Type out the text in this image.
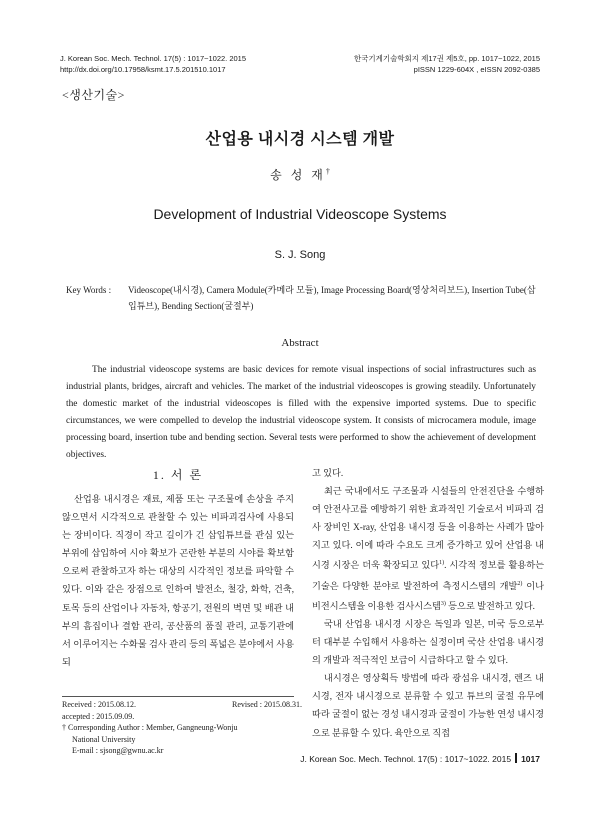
J. Korean Soc. Mech. Technol. 17(5) : 1017~1022. 2015
http://dx.doi.org/10.17958/ksmt.17.5.201510.1017
한국기계기술학회지 제17권 제5호, pp. 1017~1022, 2015
pISSN 1229-604X , eISSN 2092-0385
<생산기술>
산업용 내시경 시스템 개발
송 성 재†
Development of Industrial Videoscope Systems
S. J. Song
Key Words :	Videoscope(내시경), Camera Module(카메라 모듈), Image Processing Board(영상처리보드), Insertion Tube(삽입튜브), Bending Section(굴절부)
Abstract

The industrial videoscope systems are basic devices for remote visual inspections of social infrastructures such as industrial plants, bridges, aircraft and vehicles. The market of the industrial videoscopes is growing steadily. Unfortunately the domestic market of the industrial videoscopes is filled with the expensive imported systems. Due to specific circumstances, we were compelled to develop the industrial videoscope system. It consists of microcamera module, image processing board, insertion tube and bending section. Several tests were performed to show the achievement of development objectives.

1. 서 론

산업용 내시경은 재료, 제품 또는 구조물에 손상을 주지 않으면서 시각적으로 관찰할 수 있는 비파괴검사에 사용되는 장비이다. 직경이 작고 길이가 긴 삽입튜브를 관심 있는 부위에 삽입하여 시야 확보가 곤란한 부분의 시야를 확보함으로써 관찰하고자 하는 대상의 시각적인 정보를 파악할 수 있다. 이와 같은 장점으로 인하여 발전소, 철강, 화학, 건축, 토목 등의 산업이나 자동차, 항공기, 전원의 벽면 및 배관 내부의 흠집이나 결함 관리, 공산품의 품질 관리, 교통기관에서 이루어지는 수화물 검사 관리 등의 폭넓은 분야에서 사용되

고 있다.

최근 국내에서도 구조물과 시설들의 안전진단을 수행하여 안전사고를 예방하기 위한 효과적인 기술로서 비파괴 검사 장비인 X-ray, 산업용 내시경 등을 이용하는 사례가 많아지고 있다. 이에 따라 수요도 크게 증가하고 있어 산업용 내시경 시장은 더욱 확장되고 있다$^{1)}$. 시각적 정보를 활용하는 기술은 다양한 분야로 발전하여 측정시스템의 개발$^{2)}$ 이나 비전시스템을 이용한 검사시스템$^{3)}$ 등으로 발전하고 있다.

국내 산업용 내시경 시장은 독일과 일본, 미국 등으로부터 대부분 수입해서 사용하는 실정이며 국산 산업용 내시경의 개발과 적극적인 보급이 시급하다고 할 수 있다.

내시경은 영상획득 방법에 따라 광섬유 내시경, 렌즈 내시경, 전자 내시경으로 분류할 수 있고 튜브의 굴절 유무에 따라 굴절이 없는 경성 내시경과 굴절이 가능한 연성 내시경으로 분류할 수 있다. 육안으로 직접

Received : 2015.08.12.	Revised : 2015.08.31.
accepted : 2015.09.09.
† Corresponding Author : Member, Gangneung-Wonju
National University
E-mail : sjsong@gwnu.ac.kr
J. Korean Soc. Mech. Technol. 17(5) : 1017~1022. 2015 1017
